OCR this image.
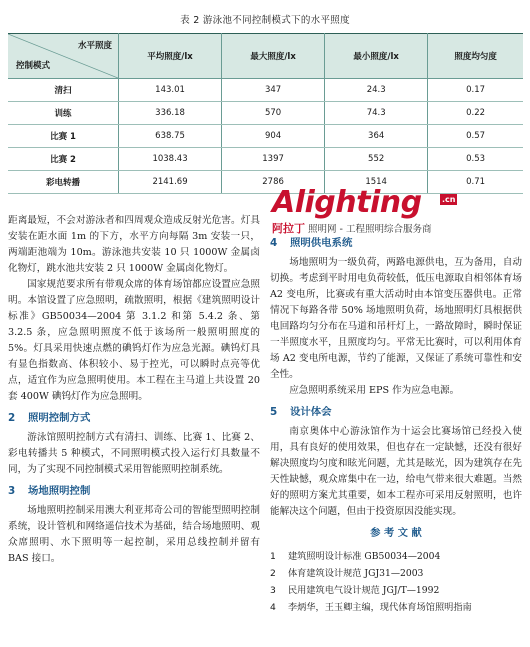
表 2 游泳池不同控制模式下的水平照度
水平照度
控制模式	平均照度/lx	最大照度/lx	最小照度/lx	照度均匀度
清扫	143.01	347	24.3	0.17
训练	336.18	570	74.3	0.22
比赛 1	638.75	904	364	0.57
比赛 2	1038.43	1397	552	0.53
彩电转播	2141.69	2786	1514	0.71
Alighting	.cn
阿拉丁 照明网 - 工程照明综合服务商

距离最短，不会对游泳者和四周观众造成反射光危害。灯具安装在距水面 1m 的下方，水平方向每隔 3m 安装一只，两端距池端为 10m。游泳池共安装 10 只 1000W 金属卤化物灯，跳水池共安装 2 只 1000W 金属卤化物灯。

国家规范要求所有带观众席的体育场馆都应设置应急照明。本馆设置了应急照明，疏散照明，根据《建筑照明设计标准》GB50034—2004 第 3.1.2 和第 5.4.2 条、第 3.2.5 条，应急照明照度不低于该场所一般照明照度的 5%。灯具采用快速点燃的碘钨灯作为应急光源。碘钨灯具有显色指数高、体积较小、易于控光，可以瞬时点亮等优点，适宜作为应急照明使用。本工程在主马道上共设置 20 套 400W 碘钨灯作为应急照明。

2 照明控制方式

游泳馆照明控制方式有清扫、训练、比赛 1、比赛 2、彩电转播共 5 种模式，不同照明模式投入运行灯具数量不同，为了实现不同控制模式采用智能照明控制系统。

3 场地照明控制

场地照明控制采用澳大利亚邦奇公司的智能型照明控制系统，设计管机和网络遥信技术为基础，结合场地照明、观众席照明、水下照明等一起控制，采用总线控制并留有 BAS 接口。

4 照明供电系统

场地照明为一级负荷，两路电源供电，互为备用，自动切换。考虑到平时用电负荷较低，低压电源取自相邻体育场 A2 变电所，比赛或有重大活动时由本馆变压器供电。正常情况下每路各带 50% 场地照明负荷，场地照明灯具根据供电回路均匀分布在马道和吊杆灯上，一路故障时，瞬时保证一半照度水平，且照度均匀。平常无比赛时，可以利用体育场 A2 变电所电源，节约了能源，又保证了系统可靠性和安全性。

应急照明系统采用 EPS 作为应急电源。

5 设计体会

南京奥体中心游泳馆作为十运会比赛场馆已经投入使用，具有良好的使用效果，但也存在一定缺憾，还没有很好解决照度均匀度和眩光问题，尤其是眩光，因为建筑存在先天性缺憾，观众席集中在一边，给电气带来很大难题。当然好的照明方案尤其重要，如本工程亦可采用反射照明，也许能解决这个问题，但由于投资原因没能实现。

参 考 文 献
1 建筑照明设计标准 GB50034—2004
2 体育建筑设计规范 JGJ31—2003
3 民用建筑电气设计规范 JGJ/T—1992
4 李炳华，王玉卿主编，现代体育场馆照明指南
